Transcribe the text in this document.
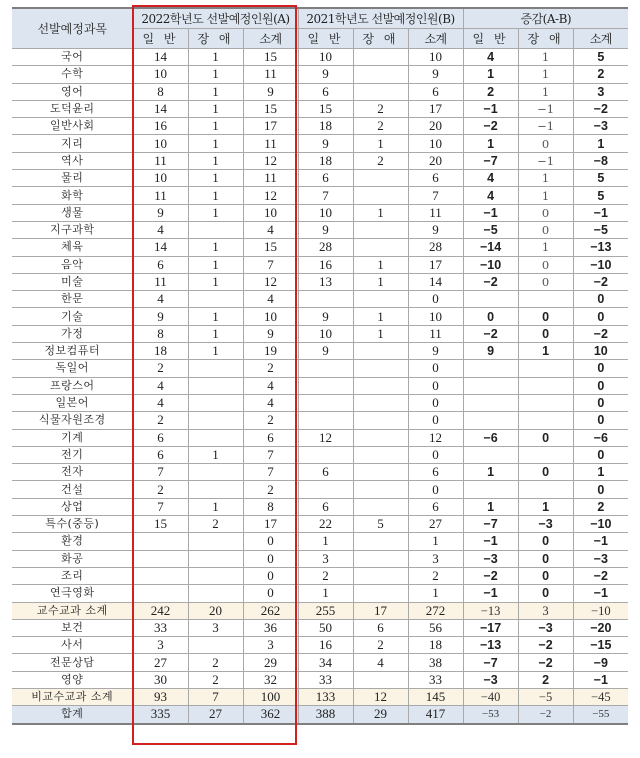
선발예정과목	2022학년도 선발예정인원(A)			2021학년도 선발예정인원(B)			증감(A-B)		
	일 반	장 애	소계	일 반	장 애	소계	일 반	장 애	소계
국어	14	1	15	10		10	4	1	5
수학	10	1	11	9		9	1	1	2
영어	8	1	9	6		6	2	1	3
도덕윤리	14	1	15	15	2	17	−1	−1	−2
일반사회	16	1	17	18	2	20	−2	−1	−3
지리	10	1	11	9	1	10	1	0	1
역사	11	1	12	18	2	20	−7	−1	−8
물리	10	1	11	6		6	4	1	5
화학	11	1	12	7		7	4	1	5
생물	9	1	10	10	1	11	−1	0	−1
지구과학	4		4	9		9	−5	0	−5
체육	14	1	15	28		28	−14	1	−13
음악	6	1	7	16	1	17	−10	0	−10
미술	11	1	12	13	1	14	−2	0	−2
한문	4		4			0			0
기술	9	1	10	9	1	10	0	0	0
가정	8	1	9	10	1	11	−2	0	−2
정보컴퓨터	18	1	19	9		9	9	1	10
독일어	2		2			0			0
프랑스어	4		4			0			0
일본어	4		4			0			0
식물자원조경	2		2			0			0
기계	6		6	12		12	−6	0	−6
전기	6	1	7			0			0
전자	7		7	6		6	1	0	1
건설	2		2			0			0
상업	7	1	8	6		6	1	1	2
특수(중등)	15	2	17	22	5	27	−7	−3	−10
환경			0	1		1	−1	0	−1
화공			0	3		3	−3	0	−3
조리			0	2		2	−2	0	−2
연극영화			0	1		1	−1	0	−1
교수교과 소계	242	20	262	255	17	272	−13	3	−10
보건	33	3	36	50	6	56	−17	−3	−20
사서	3		3	16	2	18	−13	−2	−15
전문상담	27	2	29	34	4	38	−7	−2	−9
영양	30	2	32	33		33	−3	2	−1
비교수교과 소계	93	7	100	133	12	145	−40	−5	−45
합계	335	27	362	388	29	417	−53	−2	−55
